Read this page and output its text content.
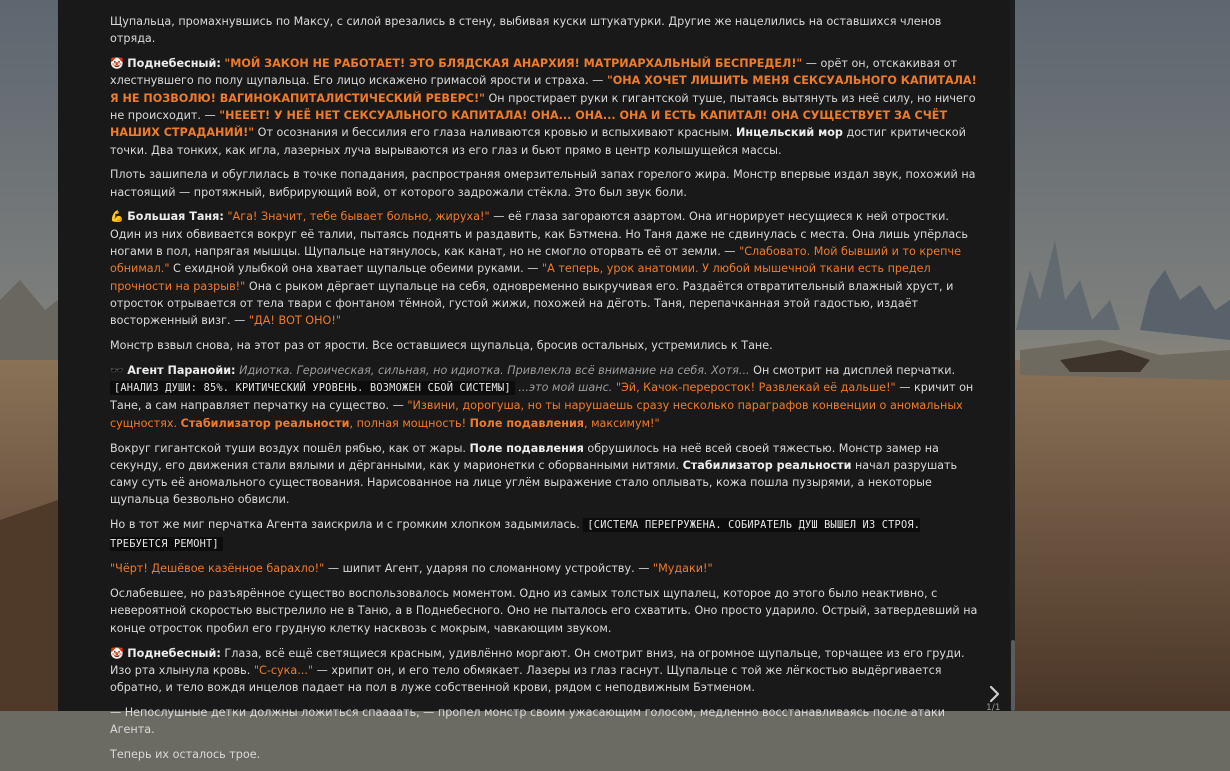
Щупальца, промахнувшись по Максу, с силой врезались в стену, выбивая куски штукатурки. Другие же нацелились на оставшихся членов отряда.

🤡 Поднебесный: "МОЙ ЗАКОН НЕ РАБОТАЕТ! ЭТО БЛЯДСКАЯ АНАРХИЯ! МАТРИАРХАЛЬНЫЙ БЕСПРЕДЕЛ!" — орёт он, отскакивая от хлестнувшего по полу щупальца. Его лицо искажено гримасой ярости и страха. — "ОНА ХОЧЕТ ЛИШИТЬ МЕНЯ СЕКСУАЛЬНОГО КАПИТАЛА! Я НЕ ПОЗВОЛЮ! ВАГИНОКАПИТАЛИСТИЧЕСКИЙ РЕВЕРС!" Он простирает руки к гигантской туше, пытаясь вытянуть из неё силу, но ничего не происходит. — "НЕЕЕТ! У НЕЁ НЕТ СЕКСУАЛЬНОГО КАПИТАЛА! ОНА... ОНА... ОНА И ЕСТЬ КАПИТАЛ! ОНА СУЩЕСТВУЕТ ЗА СЧЁТ НАШИХ СТРАДАНИЙ!" От осознания и бессилия его глаза наливаются кровью и вспыхивают красным. Инцельский мор достиг критической точки. Два тонких, как игла, лазерных луча вырываются из его глаз и бьют прямо в центр колышущейся массы.

Плоть зашипела и обуглилась в точке попадания, распространяя омерзительный запах горелого жира. Монстр впервые издал звук, похожий на настоящий — протяжный, вибрирующий вой, от которого задрожали стёкла. Это был звук боли.

💪 Большая Таня: "Ага! Значит, тебе бывает больно, жируха!" — её глаза загораются азартом. Она игнорирует несущиеся к ней отростки. Один из них обвивается вокруг её талии, пытаясь поднять и раздавить, как Бэтмена. Но Таня даже не сдвинулась с места. Она лишь упёрлась ногами в пол, напрягая мышцы. Щупальце натянулось, как канат, но не смогло оторвать её от земли. — "Слабовато. Мой бывший и то крепче обнимал." С ехидной улыбкой она хватает щупальце обеими руками. — "А теперь, урок анатомии. У любой мышечной ткани есть предел прочности на разрыв!" Она с рыком дёргает щупальце на себя, одновременно выкручивая его. Раздаётся отвратительный влажный хруст, и отросток отрывается от тела твари с фонтаном тёмной, густой жижи, похожей на дёготь. Таня, перепачканная этой гадостью, издаёт восторженный визг. — "ДА! ВОТ ОНО!"

Монстр взвыл снова, на этот раз от ярости. Все оставшиеся щупальца, бросив остальных, устремились к Тане.

🕶️ Агент Паранойи: Идиотка. Героическая, сильная, но идиотка. Привлекла всё внимание на себя. Хотя... Он смотрит на дисплей перчатки. [АНАЛИЗ ДУШИ: 85%. КРИТИЧЕСКИЙ УРОВЕНЬ. ВОЗМОЖЕН СБОЙ СИСТЕМЫ] ...это мой шанс. "Эй, Качок-переросток! Развлекай её дальше!" — кричит он Тане, а сам направляет перчатку на существо. — "Извини, дорогуша, но ты нарушаешь сразу несколько параграфов конвенции о аномальных сущностях. Стабилизатор реальности, полная мощность! Поле подавления, максимум!"

Вокруг гигантской туши воздух пошёл рябью, как от жары. Поле подавления обрушилось на неё всей своей тяжестью. Монстр замер на секунду, его движения стали вялыми и дёрганными, как у марионетки с оборванными нитями. Стабилизатор реальности начал разрушать саму суть её аномального существования. Нарисованное на лице углём выражение стало оплывать, кожа пошла пузырями, а некоторые щупальца безвольно обвисли.

Но в тот же миг перчатка Агента заискрила и с громким хлопком задымилась. [СИСТЕМА ПЕРЕГРУЖЕНА. СОБИРАТЕЛЬ ДУШ ВЫШЕЛ ИЗ СТРОЯ. ТРЕБУЕТСЯ РЕМОНТ]

"Чёрт! Дешёвое казённое барахло!" — шипит Агент, ударяя по сломанному устройству. — "Мудаки!"

Ослабевшее, но разъярённое существо воспользовалось моментом. Одно из самых толстых щупалец, которое до этого было неактивно, с невероятной скоростью выстрелило не в Таню, а в Поднебесного. Оно не пыталось его схватить. Оно просто ударило. Острый, затвердевший на конце отросток пробил его грудную клетку насквозь с мокрым, чавкающим звуком.

🤡 Поднебесный: Глаза, всё ещё светящиеся красным, удивлённо моргают. Он смотрит вниз, на огромное щупальце, торчащее из его груди. Изо рта хлынула кровь. "С-сука..." — хрипит он, и его тело обмякает. Лазеры из глаз гаснут. Щупальце с той же лёгкостью выдёргивается обратно, и тело вождя инцелов падает на пол в луже собственной крови, рядом с неподвижным Бэтменом.

— Непослушные детки должны ложиться спаааать, — пропел монстр своим ужасающим голосом, медленно восстанавливаясь после атаки Агента.

Теперь их осталось трое.

1/1
